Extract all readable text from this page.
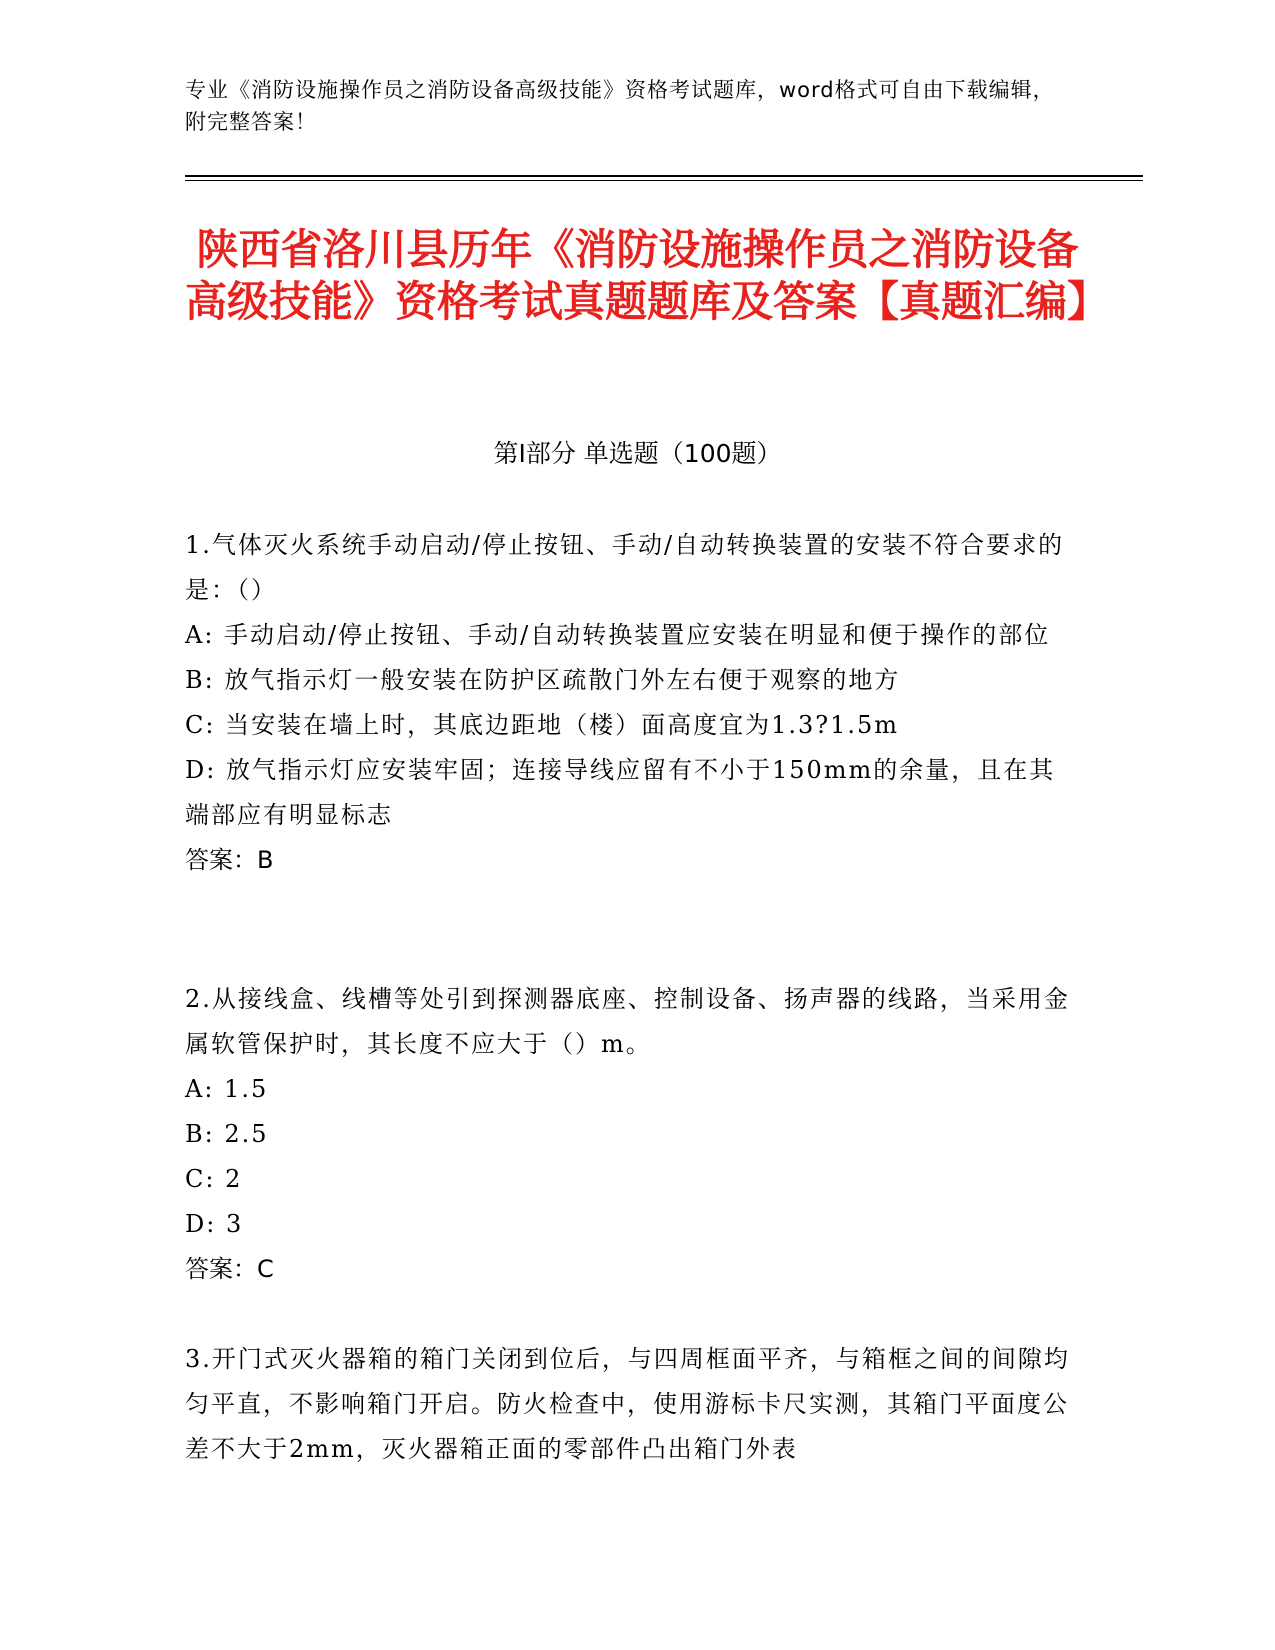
专业《消防设施操作员之消防设备高级技能》资格考试题库，word格式可自由下载编辑，附完整答案！
陕西省洛川县历年《消防设施操作员之消防设备高级技能》资格考试真题题库及答案【真题汇编】
第Ⅰ部分 单选题（100题）
1.气体灭火系统手动启动/停止按钮、手动/自动转换装置的安装不符合要求的是：（）
A: 手动启动/停止按钮、手动/自动转换装置应安装在明显和便于操作的部位
B: 放气指示灯一般安装在防护区疏散门外左右便于观察的地方
C: 当安装在墙上时，其底边距地（楼）面高度宜为1.3?1.5m
D: 放气指示灯应安装牢固；连接导线应留有不小于150mm的余量，且在其端部应有明显标志
答案：B
2.从接线盒、线槽等处引到探测器底座、控制设备、扬声器的线路，当采用金属软管保护时，其长度不应大于（）m。
A: 1.5
B: 2.5
C: 2
D: 3
答案：C
3.开门式灭火器箱的箱门关闭到位后，与四周框面平齐，与箱框之间的间隙均匀平直，不影响箱门开启。防火检查中，使用游标卡尺实测，其箱门平面度公差不大于2mm，灭火器箱正面的零部件凸出箱门外表
